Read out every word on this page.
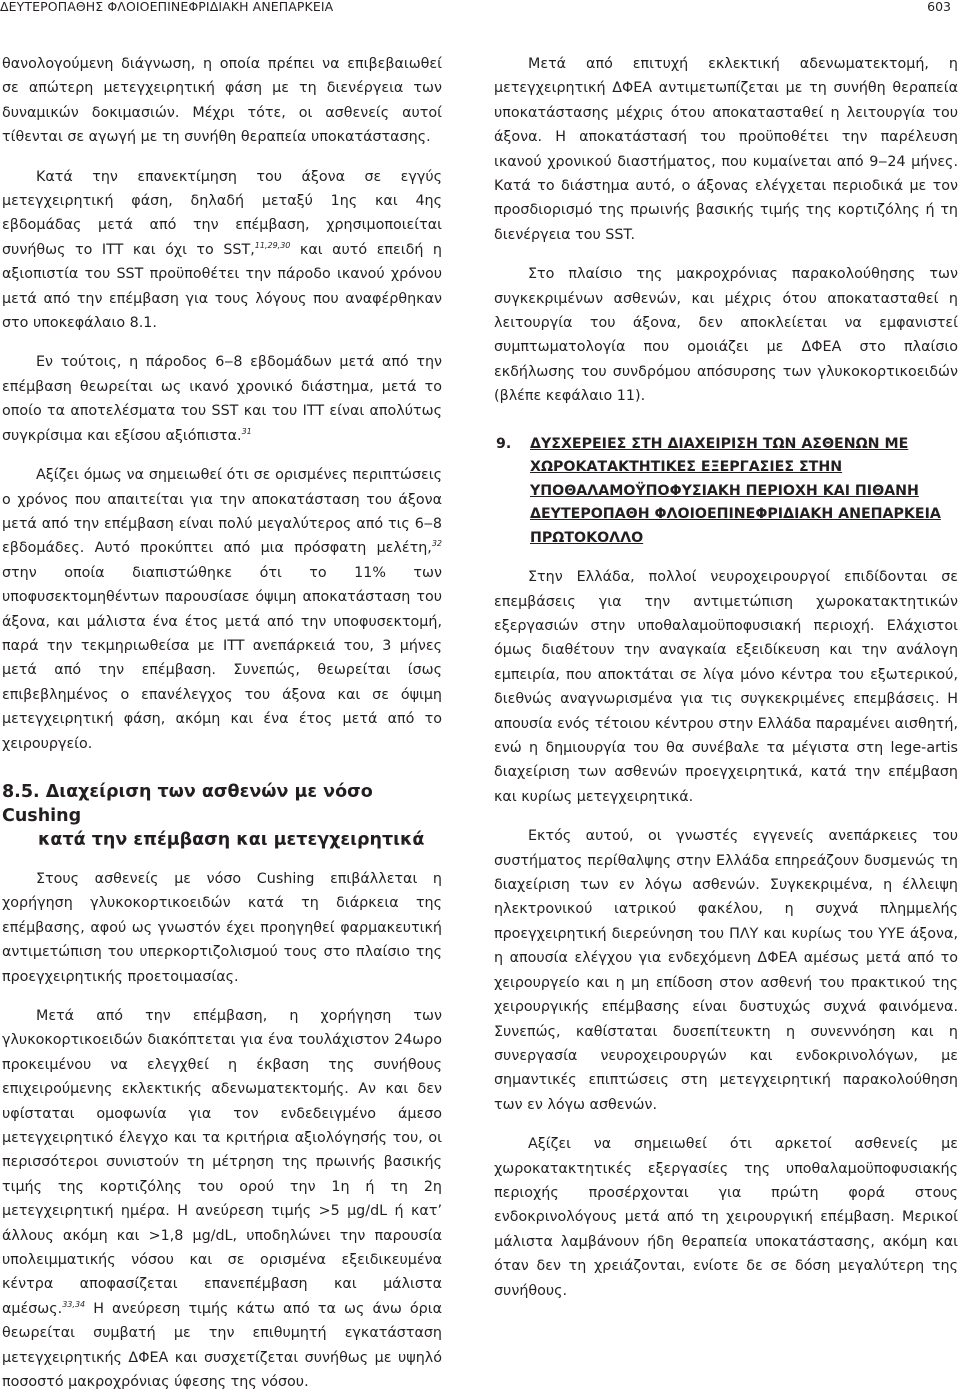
ΔΕΥΤΕΡΟΠΑΘΗΣ ΦΛΟΙΟΕΠΙΝΕΦΡΙΔΙΑΚΗ ΑΝΕΠΑΡΚΕΙΑ	603

θανολογούμενη διάγνωση, η οποία πρέπει να επιβεβαιωθεί σε απώτερη μετεγχειρητική φάση με τη διενέργεια των δυναμικών δοκιμασιών. Μέχρι τότε, οι ασθενείς αυτοί τίθενται σε αγωγή με τη συνήθη θεραπεία υποκατάστασης.

Κατά την επανεκτίμηση του άξονα σε εγγύς μετεγχειρητική φάση, δηλαδή μεταξύ 1ης και 4ης εβδομάδας μετά από την επέμβαση, χρησιμοποιείται συνήθως το ITT και όχι το SST,$^{11,29,30}$ και αυτό επειδή η αξιοπιστία του SST προϋποθέτει την πάροδο ικανού χρόνου μετά από την επέμβαση για τους λόγους που αναφέρθηκαν στο υποκεφάλαιο 8.1.

Εν τούτοις, η πάροδος 6‒8 εβδομάδων μετά από την επέμβαση θεωρείται ως ικανό χρονικό διάστημα, μετά το οποίο τα αποτελέσματα του SST και του ITT είναι απολύτως συγκρίσιμα και εξίσου αξιόπιστα.$^{31}$

Αξίζει όμως να σημειωθεί ότι σε ορισμένες περιπτώσεις ο χρόνος που απαιτείται για την αποκατάσταση του άξονα μετά από την επέμβαση είναι πολύ μεγαλύτερος από τις 6‒8 εβδομάδες. Αυτό προκύπτει από μια πρόσφατη μελέτη,$^{32}$ στην οποία διαπιστώθηκε ότι το 11% των υποφυσεκτομηθέντων παρουσίασε όψιμη αποκατάσταση του άξονα, και μάλιστα ένα έτος μετά από την υποφυσεκτομή, παρά την τεκμηριωθείσα με ITT ανεπάρκειά του, 3 μήνες μετά από την επέμβαση. Συνεπώς, θεωρείται ίσως επιβεβλημένος ο επανέλεγχος του άξονα και σε όψιμη μετεγχειρητική φάση, ακόμη και ένα έτος μετά από το χειρουργείο.

8.5. Διαχείριση των ασθενών με νόσο Cushing
κατά την επέμβαση και μετεγχειρητικά

Στους ασθενείς με νόσο Cushing επιβάλλεται η χορήγηση γλυκοκορτικοειδών κατά τη διάρκεια της επέμβασης, αφού ως γνωστόν έχει προηγηθεί φαρμακευτική αντιμετώπιση του υπερκορτιζολισμού τους στο πλαίσιο της προεγχειρητικής προετοιμασίας.

Μετά από την επέμβαση, η χορήγηση των γλυκοκορτικοειδών διακόπτεται για ένα τουλάχιστον 24ωρο προκειμένου να ελεγχθεί η έκβαση της συνήθους επιχειρούμενης εκλεκτικής αδενωματεκτομής. Αν και δεν υφίσταται ομοφωνία για τον ενδεδειγμένο άμεσο μετεγχειρητικό έλεγχο και τα κριτήρια αξιολόγησής του, οι περισσότεροι συνιστούν τη μέτρηση της πρωινής βασικής τιμής της κορτιζόλης του ορού την 1η ή τη 2η μετεγχειρητική ημέρα. Η ανεύρεση τιμής >5 μg/dL ή κατ’ άλλους ακόμη και >1,8 μg/dL, υποδηλώνει την παρουσία υπολειμματικής νόσου και σε ορισμένα εξειδικευμένα κέντρα αποφασίζεται επανεπέμβαση και μάλιστα αμέσως.$^{33,34}$ Η ανεύρεση τιμής κάτω από τα ως άνω όρια θεωρείται συμβατή με την επιθυμητή εγκατάσταση μετεγχειρητικής ΔΦΕΑ και συσχετίζεται συνήθως με υψηλό ποσοστό μακροχρόνιας ύφεσης της νόσου.

Μετά από επιτυχή εκλεκτική αδενωματεκτομή, η μετεγχειρητική ΔΦΕΑ αντιμετωπίζεται με τη συνήθη θεραπεία υποκατάστασης μέχρις ότου αποκατασταθεί η λειτουργία του άξονα. Η αποκατάστασή του προϋποθέτει την παρέλευση ικανού χρονικού διαστήματος, που κυμαίνεται από 9‒24 μήνες. Κατά το διάστημα αυτό, ο άξονας ελέγχεται περιοδικά με τον προσδιορισμό της πρωινής βασικής τιμής της κορτιζόλης ή τη διενέργεια του SST.

Στο πλαίσιο της μακροχρόνιας παρακολούθησης των συγκεκριμένων ασθενών, και μέχρις ότου αποκατασταθεί η λειτουργία του άξονα, δεν αποκλείεται να εμφανιστεί συμπτωματολογία που ομοιάζει με ΔΦΕΑ στο πλαίσιο εκδήλωσης του συνδρόμου απόσυρσης των γλυκοκορτικοειδών (βλέπε κεφάλαιο 11).

9. ΔΥΣΧΕΡΕΙΕΣ ΣΤΗ ΔΙΑΧΕΙΡΙΣΗ ΤΩΝ ΑΣΘΕΝΩΝ ΜΕ ΧΩΡΟΚΑΤΑΚΤΗΤΙΚΕΣ ΕΞΕΡΓΑΣΙΕΣ ΣΤΗΝ ΥΠΟΘΑΛΑΜΟΫΠΟΦΥΣΙΑΚΗ ΠΕΡΙΟΧΗ ΚΑΙ ΠΙΘΑΝΗ ΔΕΥΤΕΡΟΠΑΘΗ ΦΛΟΙΟΕΠΙΝΕΦΡΙΔΙΑΚΗ ΑΝΕΠΑΡΚΕΙΑ ΠΡΩΤΟΚΟΛΛΟ

Στην Ελλάδα, πολλοί νευροχειρουργοί επιδίδονται σε επεμβάσεις για την αντιμετώπιση χωροκατακτητικών εξεργασιών στην υποθαλαμοϋποφυσιακή περιοχή. Ελάχιστοι όμως διαθέτουν την αναγκαία εξειδίκευση και την ανάλογη εμπειρία, που αποκτάται σε λίγα μόνο κέντρα του εξωτερικού, διεθνώς αναγνωρισμένα για τις συγκεκριμένες επεμβάσεις. Η απουσία ενός τέτοιου κέντρου στην Ελλάδα παραμένει αισθητή, ενώ η δημιουργία του θα συνέβαλε τα μέγιστα στη lege-artis διαχείριση των ασθενών προεγχειρητικά, κατά την επέμβαση και κυρίως μετεγχειρητικά.

Εκτός αυτού, οι γνωστές εγγενείς ανεπάρκειες του συστήματος περίθαλψης στην Ελλάδα επηρεάζουν δυσμενώς τη διαχείριση των εν λόγω ασθενών. Συγκεκριμένα, η έλλειψη ηλεκτρονικού ιατρικού φακέλου, η συχνά πλημμελής προεγχειρητική διερεύνηση του ΠΛΥ και κυρίως του ΥΥΕ άξονα, η απουσία ελέγχου για ενδεχόμενη ΔΦΕΑ αμέσως μετά από το χειρουργείο και η μη επίδοση στον ασθενή του πρακτικού της χειρουργικής επέμβασης είναι δυστυχώς συχνά φαινόμενα. Συνεπώς, καθίσταται δυσεπίτευκτη η συνεννόηση και η συνεργασία νευροχειρουργών και ενδοκρινολόγων, με σημαντικές επιπτώσεις στη μετεγχειρητική παρακολούθηση των εν λόγω ασθενών.

Αξίζει να σημειωθεί ότι αρκετοί ασθενείς με χωροκατακτητικές εξεργασίες της υποθαλαμοϋποφυσιακής περιοχής προσέρχονται για πρώτη φορά στους ενδοκρινολόγους μετά από τη χειρουργική επέμβαση. Μερικοί μάλιστα λαμβάνουν ήδη θεραπεία υποκατάστασης, ακόμη και όταν δεν τη χρειάζονται, ενίοτε δε σε δόση μεγαλύτερη της συνήθους.
